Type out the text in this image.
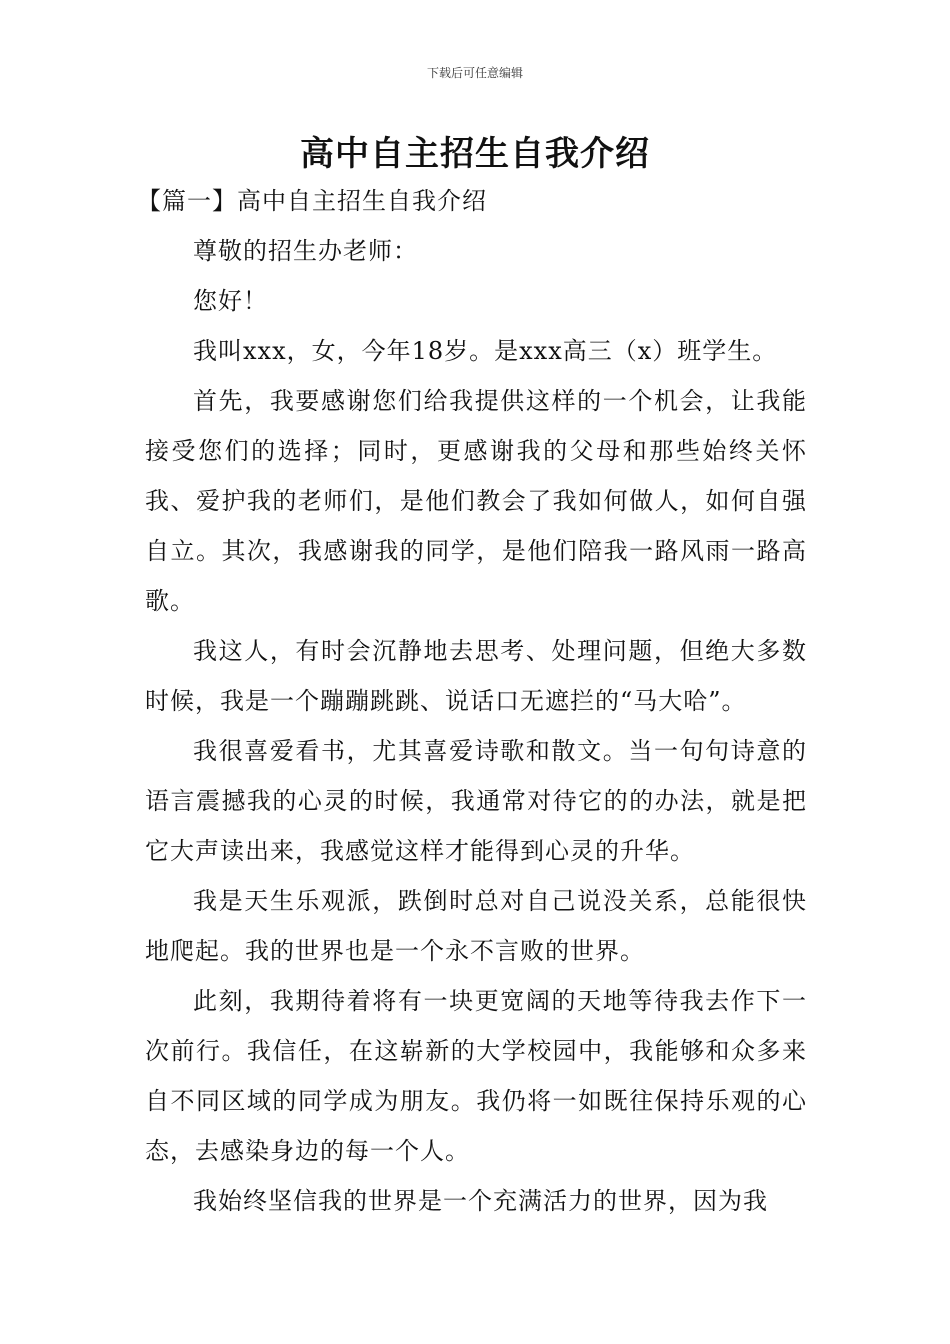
下载后可任意编辑
高中自主招生自我介绍
【篇一】高中自主招生自我介绍

尊敬的招生办老师：

您好！

我叫xxx，女，今年18岁。是xxx高三（x）班学生。

首先，我要感谢您们给我提供这样的一个机会，让我能接受您们的选择；同时，更感谢我的父母和那些始终关怀我、爱护我的老师们，是他们教会了我如何做人，如何自强自立。其次，我感谢我的同学，是他们陪我一路风雨一路高歌。

我这人，有时会沉静地去思考、处理问题，但绝大多数时候，我是一个蹦蹦跳跳、说话口无遮拦的“马大哈”。

我很喜爱看书，尤其喜爱诗歌和散文。当一句句诗意的语言震撼我的心灵的时候，我通常对待它的的办法，就是把它大声读出来，我感觉这样才能得到心灵的升华。

我是天生乐观派，跌倒时总对自己说没关系，总能很快地爬起。我的世界也是一个永不言败的世界。

此刻，我期待着将有一块更宽阔的天地等待我去作下一次前行。我信任，在这崭新的大学校园中，我能够和众多来自不同区域的同学成为朋友。我仍将一如既往保持乐观的心态，去感染身边的每一个人。

我始终坚信我的世界是一个充满活力的世界，因为我
